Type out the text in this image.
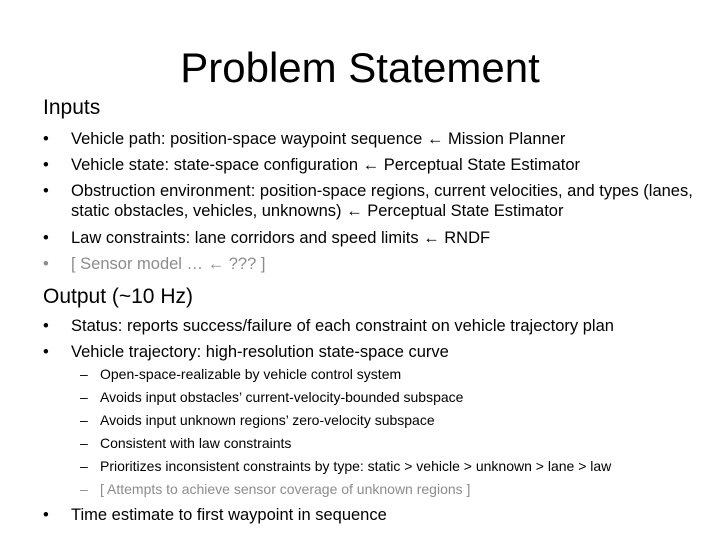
Problem Statement
Inputs
•	Vehicle path: position-space waypoint sequence ← Mission Planner
•	Vehicle state: state-space configuration ← Perceptual State Estimator
•	Obstruction environment: position-space regions, current velocities, and types (lanes, static obstacles, vehicles, unknowns) ← Perceptual State Estimator
•	Law constraints: lane corridors and speed limits ← RNDF
•	[ Sensor model … ← ??? ]
Output (~10 Hz)
•	Status: reports success/failure of each constraint on vehicle trajectory plan
•	Vehicle trajectory: high-resolution state-space curve
– Open-space-realizable by vehicle control system
– Avoids input obstacles’ current-velocity-bounded subspace
– Avoids input unknown regions’ zero-velocity subspace
– Consistent with law constraints
– Prioritizes inconsistent constraints by type: static > vehicle > unknown > lane > law
– [ Attempts to achieve sensor coverage of unknown regions ]
•	Time estimate to first waypoint in sequence
